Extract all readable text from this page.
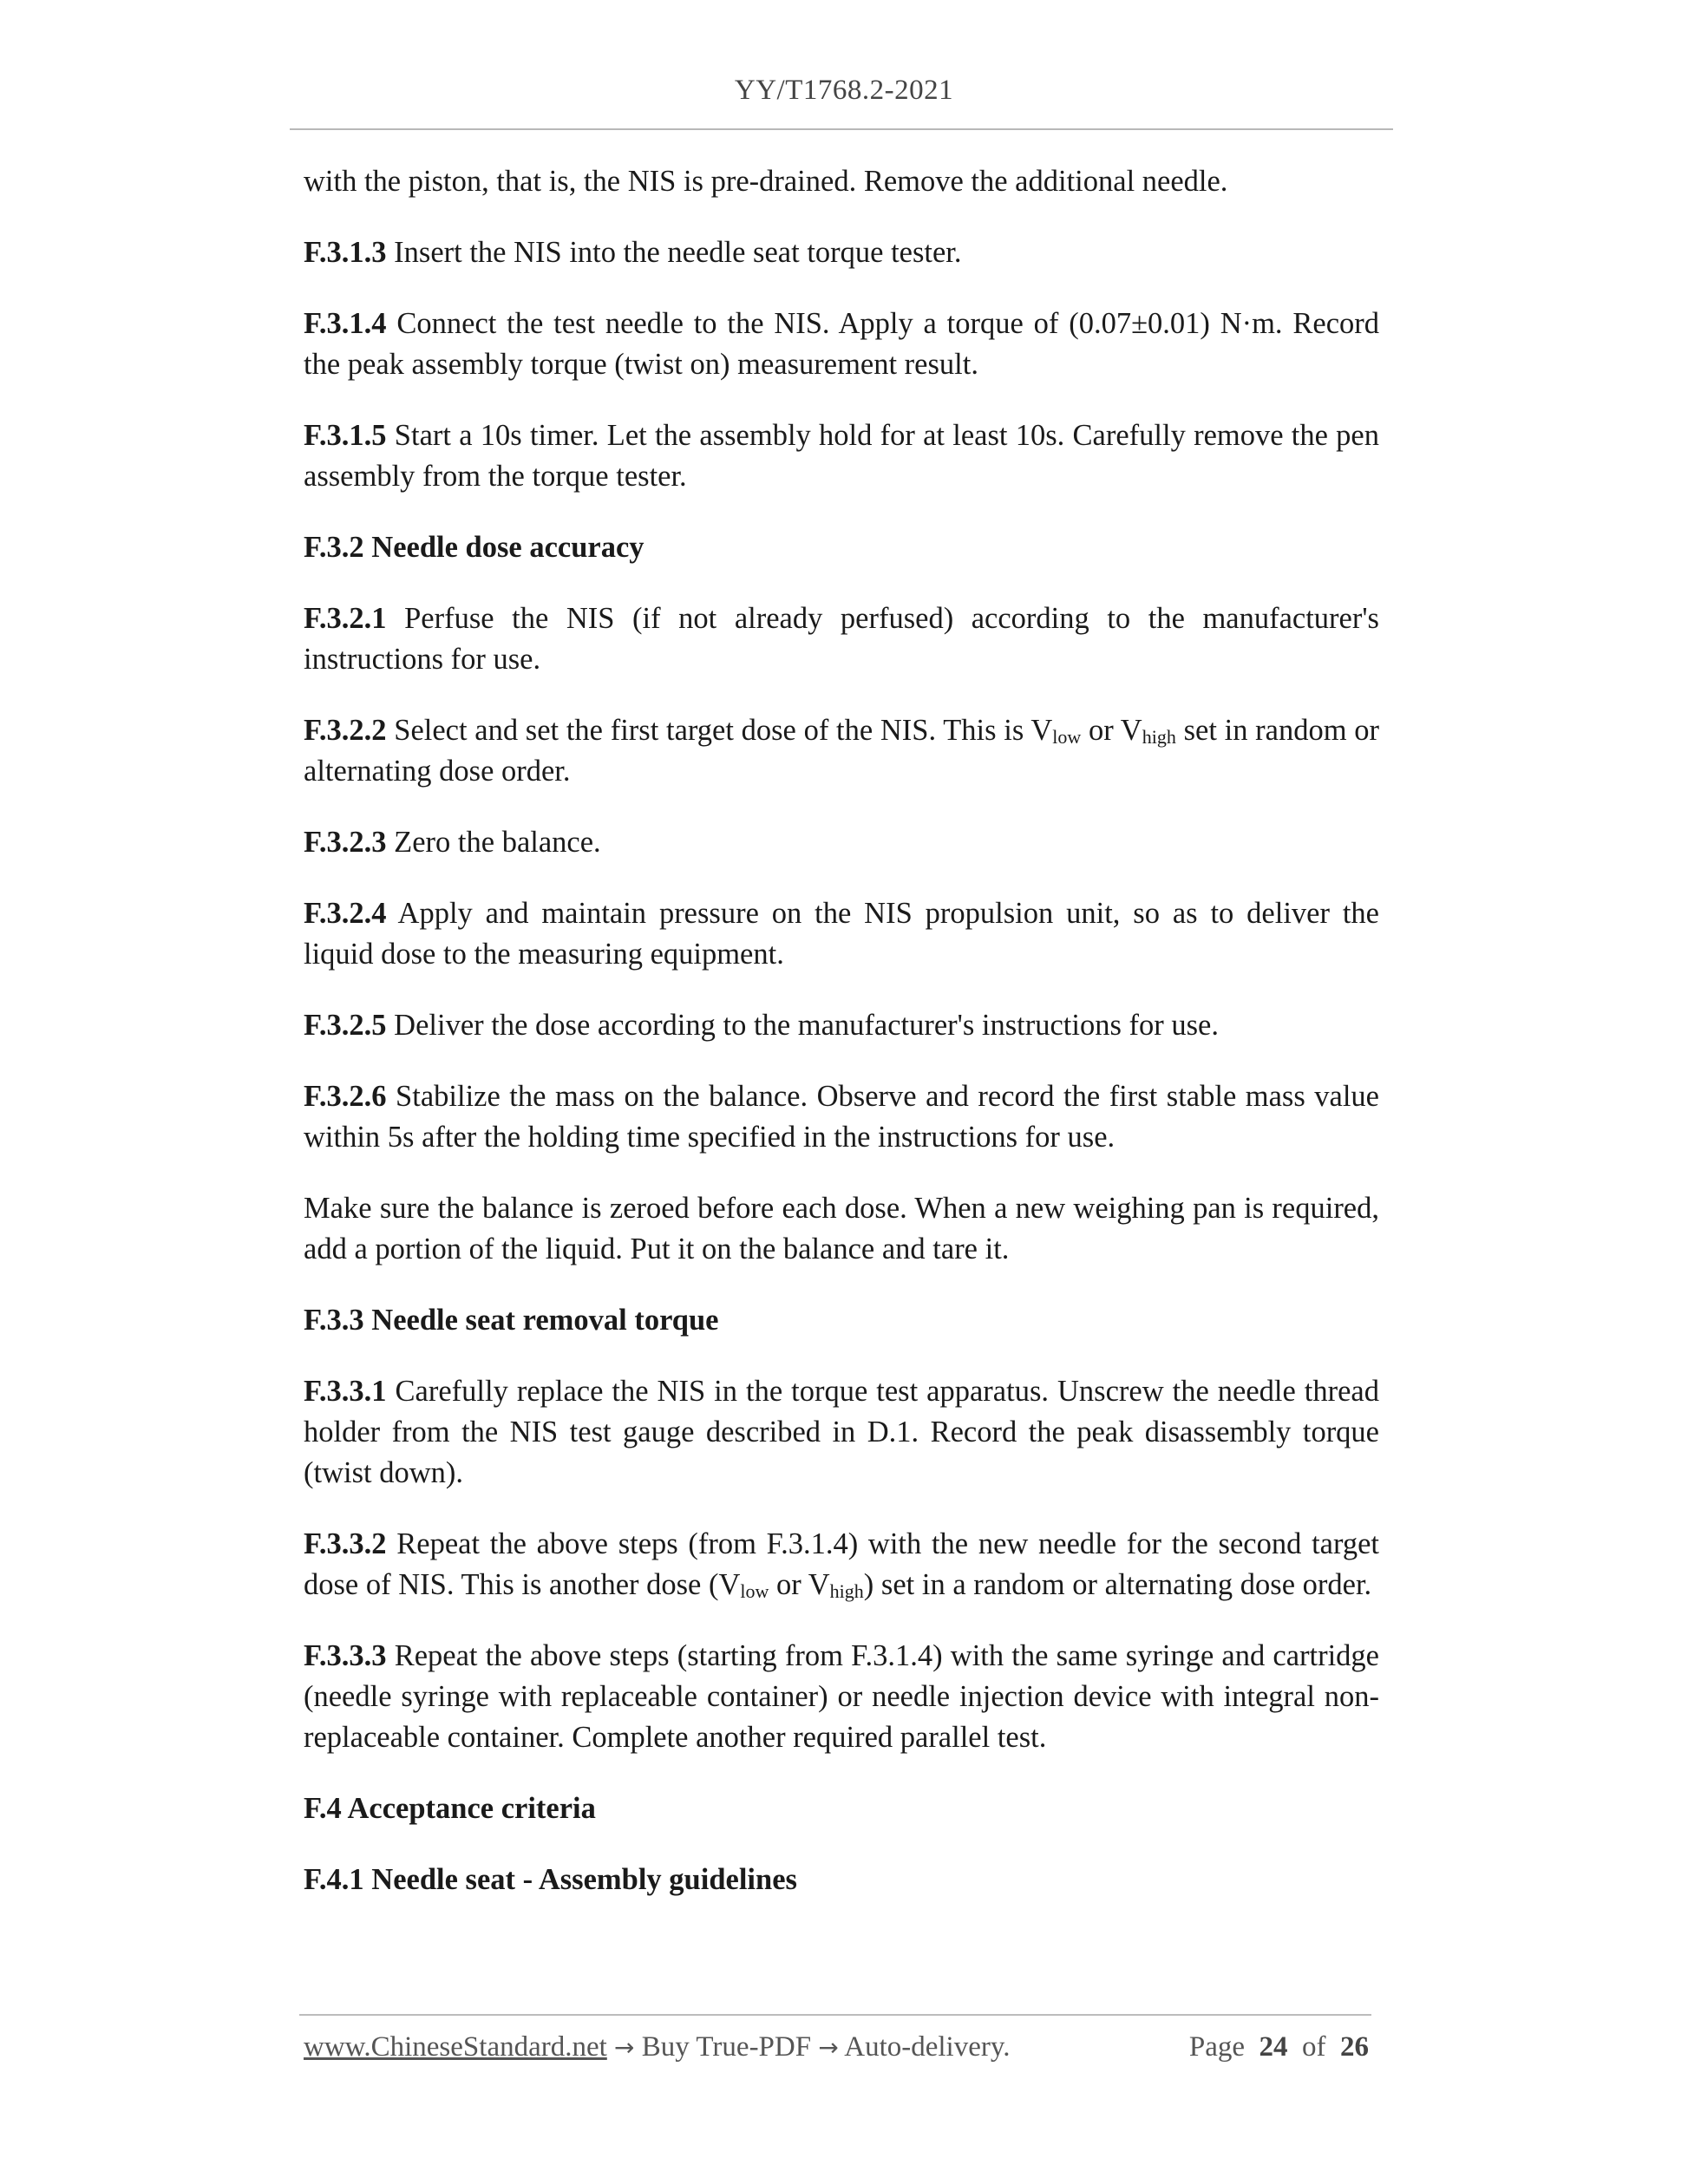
YY/T1768.2-2021

with the piston, that is, the NIS is pre-drained. Remove the additional needle.

F.3.1.3 Insert the NIS into the needle seat torque tester.

F.3.1.4 Connect the test needle to the NIS. Apply a torque of (0.07±0.01) N·m. Record the peak assembly torque (twist on) measurement result.

F.3.1.5 Start a 10s timer. Let the assembly hold for at least 10s. Carefully remove the pen assembly from the torque tester.

F.3.2 Needle dose accuracy

F.3.2.1 Perfuse the NIS (if not already perfused) according to the manufacturer's instructions for use.

F.3.2.2 Select and set the first target dose of the NIS. This is $V_{low}$ or $V_{high}$ set in random or alternating dose order.

F.3.2.3 Zero the balance.

F.3.2.4 Apply and maintain pressure on the NIS propulsion unit, so as to deliver the liquid dose to the measuring equipment.

F.3.2.5 Deliver the dose according to the manufacturer's instructions for use.

F.3.2.6 Stabilize the mass on the balance. Observe and record the first stable mass value within 5s after the holding time specified in the instructions for use.

Make sure the balance is zeroed before each dose. When a new weighing pan is required, add a portion of the liquid. Put it on the balance and tare it.

F.3.3 Needle seat removal torque

F.3.3.1 Carefully replace the NIS in the torque test apparatus. Unscrew the needle thread holder from the NIS test gauge described in D.1. Record the peak disassembly torque (twist down).

F.3.3.2 Repeat the above steps (from F.3.1.4) with the new needle for the second target dose of NIS. This is another dose ($V_{low}$ or $V_{high}$) set in a random or alternating dose order.

F.3.3.3 Repeat the above steps (starting from F.3.1.4) with the same syringe and cartridge (needle syringe with replaceable container) or needle injection device with integral non-replaceable container. Complete another required parallel test.

F.4 Acceptance criteria
F.4.1 Needle seat - Assembly guidelines
www.ChineseStandard.net → Buy True-PDF → Auto-delivery.	Page 24 of 26
